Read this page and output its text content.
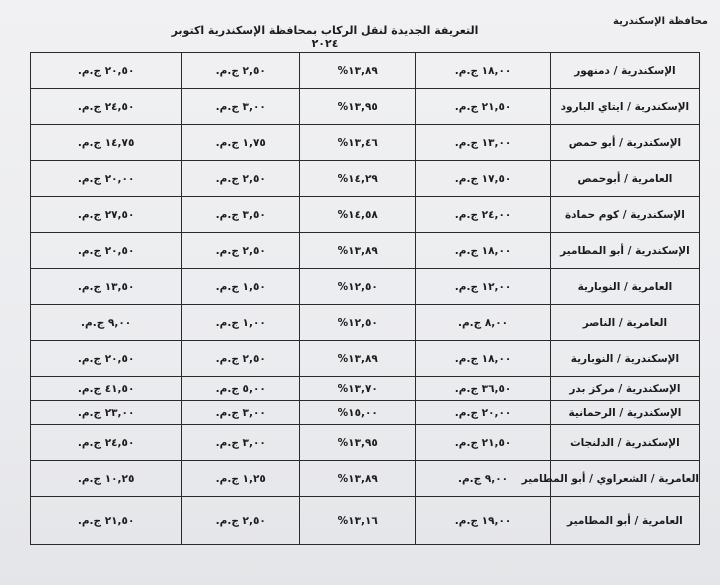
محافظة الإسكندرية
التعريفة الجديدة لنقل الركاب بمحافظة الإسكندرية اكتوبر ٢٠٢٤
٢٠,٥٠ ج.م.		٢,٥٠ ج.م.	١٣,٨٩%	١٨,٠٠ ج.م.		الإسكندرية / دمنهور
٢٤,٥٠ ج.م.		٣,٠٠ ج.م.	١٣,٩٥%	٢١,٥٠ ج.م.		الإسكندرية / ايتاي البارود
١٤,٧٥ ج.م.		١,٧٥ ج.م.	١٣,٤٦%	١٣,٠٠ ج.م.		الإسكندرية / أبو حمص
٢٠,٠٠ ج.م.		٢,٥٠ ج.م.	١٤,٢٩%	١٧,٥٠ ج.م.		العامرية / أبوحمص
٢٧,٥٠ ج.م.		٣,٥٠ ج.م.	١٤,٥٨%	٢٤,٠٠ ج.م.		الإسكندرية / كوم حمادة
٢٠,٥٠ ج.م.		٢,٥٠ ج.م.	١٣,٨٩%	١٨,٠٠ ج.م.		الإسكندرية / أبو المطامير
١٣,٥٠ ج.م.		١,٥٠ ج.م.	١٢,٥٠%	١٢,٠٠ ج.م.		العامرية / النوبارية
٩,٠٠ ج.م.		١,٠٠ ج.م.	١٢,٥٠%	٨,٠٠ ج.م.		العامرية / الناصر
٢٠,٥٠ ج.م.		٢,٥٠ ج.م.	١٣,٨٩%	١٨,٠٠ ج.م.		الإسكندرية / النوبارية
٤١,٥٠ ج.م.		٥,٠٠ ج.م.	١٣,٧٠%	٣٦,٥٠ ج.م.		الإسكندرية / مركز بدر
٢٣,٠٠ ج.م.		٣,٠٠ ج.م.	١٥,٠٠%	٢٠,٠٠ ج.م.		الإسكندرية / الرحمانية
٢٤,٥٠ ج.م.		٣,٠٠ ج.م.	١٣,٩٥%	٢١,٥٠ ج.م.		الإسكندرية / الدلنجات
١٠,٢٥ ج.م.		١,٢٥ ج.م.	١٣,٨٩%	٩,٠٠ ج.م.		العامرية / الشعراوي / أبو المطامير
٢١,٥٠ ج.م.		٢,٥٠ ج.م.	١٣,١٦%	١٩,٠٠ ج.م.		العامرية / أبو المطامير
